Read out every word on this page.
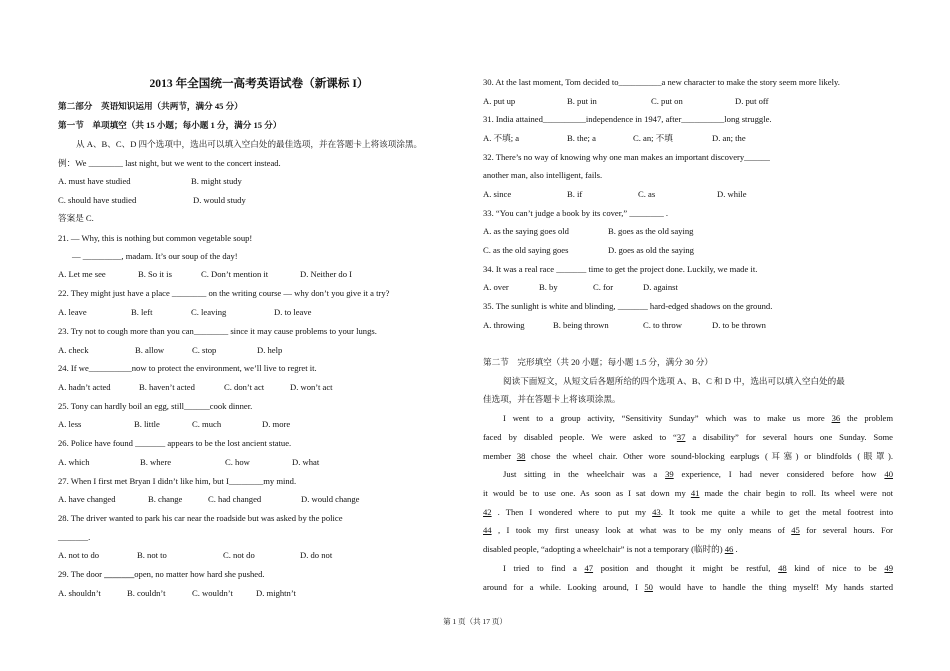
2013 年全国统一高考英语试卷（新课标 I）
第二部分　英语知识运用（共两节，满分 45 分）
第一节　单项填空（共 15 小题；每小题 1 分，满分 15 分）
从 A、B、C、D 四个选项中，选出可以填入空白处的最佳选项，并在答题卡上将该项涂黑。
例：We ________ last night, but we went to the concert instead.
A. must have studied	B. might study
C. should have studied	D. would study
答案是 C.
21. — Why, this is nothing but common vegetable soup!
— _________, madam. It’s our soup of the day!
A. Let me see	B. So it is	C. Don’t mention it	D. Neither do I
22. They might just have a place ________ on the writing course — why don’t you give it a try?
A. leave	B. left	C. leaving	D. to leave
23. Try not to cough more than you can________ since it may cause problems to your lungs.
A. check	B. allow	C. stop	D. help
24. If we__________now to protect the environment, we’ll live to regret it.
A. hadn’t acted	B. haven’t acted	C. don’t act	D. won’t act
25. Tony can hardly boil an egg, still______cook dinner.
A. less	B. little	C. much	D. more
26. Police have found _______ appears to be the lost ancient statue.
A. which	B. where	C. how	D. what
27. When I first met Bryan I didn’t like him, but I________my mind.
A. have changed	B. change	C. had changed	D. would change
28. The driver wanted to park his car near the roadside but was asked by the police
_______.
A. not to do	B. not to	C. not do	D. do not
29. The door _______open, no matter how hard she pushed.
A. shouldn’t	B. couldn’t	C. wouldn’t	D. mightn’t
30. At the last moment, Tom decided to__________a new character to make the story seem more likely.
A. put up	B. put in	C. put on	D. put off
31. India attained__________independence in 1947, after__________long struggle.
A. 不填; a	B. the; a	C. an; 不填	D. an; the
32. There’s no way of knowing why one man makes an important discovery______
another man, also intelligent, fails.
A. since	B. if	C. as	D. while
33. “You can’t judge a book by its cover,” ________ .
A. as the saying goes old	B. goes as the old saying
C. as the old saying goes	D. goes as old the saying
34. It was a real race _______ time to get the project done. Luckily, we made it.
A. over	B. by	C. for	D. against
35. The sunlight is white and blinding, _______ hard-edged shadows on the ground.
A. throwing	B. being thrown	C. to throw	D. to be thrown
第二节　完形填空（共 20 小题；每小题 1.5 分，满分 30 分）
阅读下面短文，从短文后各题所给的四个选项 A、B、C 和 D 中，选出可以填入空白处的最
佳选项，并在答题卡上将该项涂黑。
I went to a group activity, “Sensitivity Sunday” which was to make us more 36 the problem
faced by disabled people. We were asked to “37 a disability” for several hours one Sunday. Some
member 38 chose the wheel chair. Other wore sound-blocking earplugs (耳塞) or blindfolds (眼罩).
Just sitting in the wheelchair was a 39 experience, I had never considered before how 40
it would be to use one. As soon as I sat down my 41 made the chair begin to roll. Its wheel were not
42 . Then I wondered where to put my 43. It took me quite a while to get the metal footrest into
44 , I took my first uneasy look at what was to be my only means of 45 for several hours. For
disabled people, “adopting a wheelchair” is not a temporary (临时的) 46 .
I tried to find a 47 position and thought it might be restful, 48 kind of nice to be 49
around for a while. Looking around, I 50 would have to handle the thing myself! My hands started
第 1 页（共 17 页）
